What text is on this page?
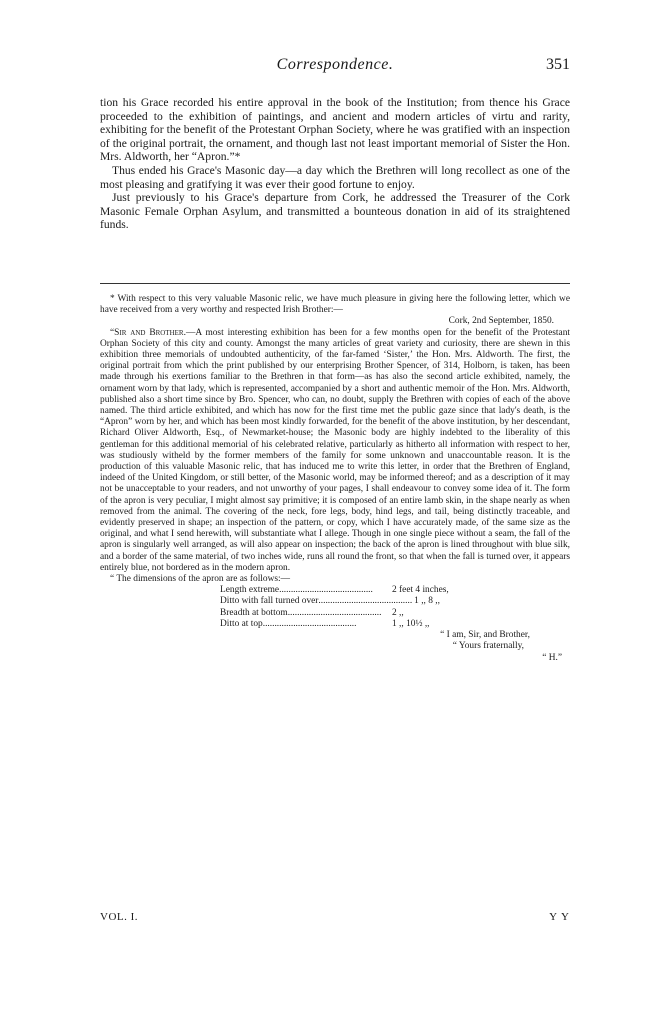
Correspondence.	351

tion his Grace recorded his entire approval in the book of the Institution; from thence his Grace proceeded to the exhibition of paintings, and ancient and modern articles of virtu and rarity, exhibiting for the benefit of the Protestant Orphan Society, where he was gratified with an inspection of the original portrait, the ornament, and though last not least important memorial of Sister the Hon. Mrs. Aldworth, her “Apron.”*

Thus ended his Grace's Masonic day—a day which the Brethren will long recollect as one of the most pleasing and gratifying it was ever their good fortune to enjoy.

Just previously to his Grace's departure from Cork, he addressed the Treasurer of the Cork Masonic Female Orphan Asylum, and transmitted a bounteous donation in aid of its straightened funds.

* With respect to this very valuable Masonic relic, we have much pleasure in giving here the following letter, which we have received from a very worthy and respected Irish Brother:—

Cork, 2nd September, 1850.

“Sir and Brother.—A most interesting exhibition has been for a few months open for the benefit of the Protestant Orphan Society of this city and county. Amongst the many articles of great variety and curiosity, there are shewn in this exhibition three memorials of undoubted authenticity, of the far-famed ‘Sister,’ the Hon. Mrs. Aldworth. The first, the original portrait from which the print published by our enterprising Brother Spencer, of 314, Holborn, is taken, has been made through his exertions familiar to the Brethren in that form—as has also the second article exhibited, namely, the ornament worn by that lady, which is represented, accompanied by a short and authentic memoir of the Hon. Mrs. Aldworth, published also a short time since by Bro. Spencer, who can, no doubt, supply the Brethren with copies of each of the above named. The third article exhibited, and which has now for the first time met the public gaze since that lady's death, is the “Apron” worn by her, and which has been most kindly forwarded, for the benefit of the above institution, by her descendant, Richard Oliver Aldworth, Esq., of Newmarket-house; the Masonic body are highly indebted to the liberality of this gentleman for this additional memorial of his celebrated relative, particularly as hitherto all information with respect to her, was studiously witheld by the former members of the family for some unknown and unaccountable reason. It is the production of this valuable Masonic relic, that has induced me to write this letter, in order that the Brethren of England, indeed of the United Kingdom, or still better, of the Masonic world, may be informed thereof; and as a description of it may not be unacceptable to your readers, and not unworthy of your pages, I shall endeavour to convey some idea of it. The form of the apron is very peculiar, I might almost say primitive; it is composed of an entire lamb skin, in the shape nearly as when removed from the animal. The covering of the neck, fore legs, body, hind legs, and tail, being distinctly traceable, and evidently preserved in shape; an inspection of the pattern, or copy, which I have accurately made, of the same size as the original, and what I send herewith, will substantiate what I allege. Though in one single piece without a seam, the fall of the apron is singularly well arranged, as will also appear on inspection; the back of the apron is lined throughout with blue silk, and a border of the same material, of two inches wide, runs all round the front, so that when the fall is turned over, it appears entirely blue, not bordered as in the modern apron.

“ The dimensions of the apron are as follows:—

Length extreme ........................................	2 feet 4 inches,
Ditto with fall turned over ........................................ 1 ,, 8 ,,
Breadth at bottom ........................................	2 ,,
Ditto at top ........................................	1 ,, 10½ ,,

“ I am, Sir, and Brother,

“ Yours fraternally,

“ H.”

VOL. I.	Y Y
